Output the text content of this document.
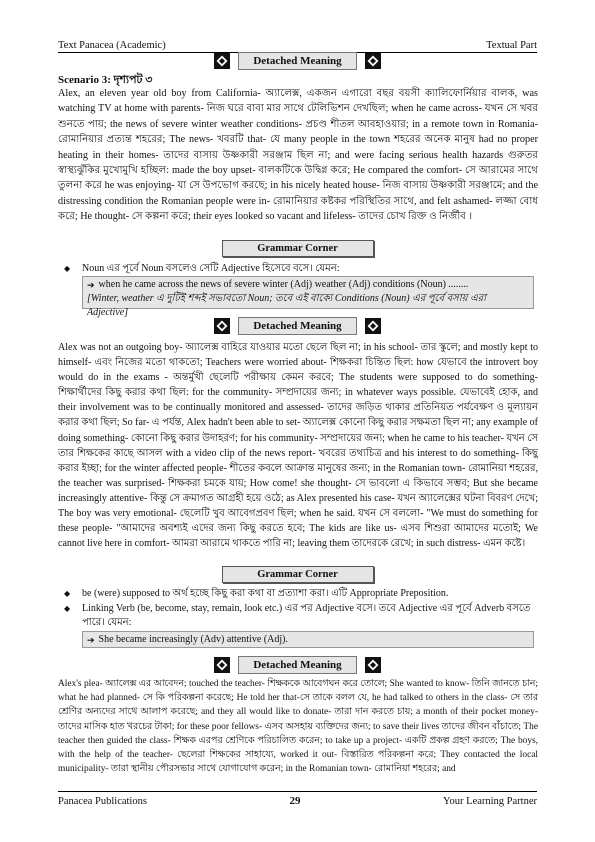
Text Panacea (Academic)	Textual Part
Detached Meaning
Scenario 3: দৃশ্যপট ৩
Alex, an eleven year old boy from California- অ্যালেক্স, একজন এগারো বছর বয়সী ক্যালিফোর্নিয়ার বালক, was watching TV at home with parents- নিজ ঘরে বাবা মার সাথে টেলিভিশন দেখছিল; when he came across- যখন সে খবর শুনতে পায়; the news of severe winter weather conditions- প্রচণ্ড শীতল আবহাওয়ার; in a remote town in Romania- রোমানিয়ার প্রত্যন্ত শহরের; The news- খবরটি that- যে many people in the town শহরের অনেক মানুষ had no proper heating in their homes- তাদের বাসায় উষ্ণকারী সরঞ্জাম ছিল না; and were facing serious health hazards গুরুতর স্বাস্থ্যঝুঁকির মুখোমুখি হচ্ছিল: made the boy upset- বালকটিকে উদ্বিগ্ন করে; He compared the comfort- সে আরামের সাথে তুলনা করে he was enjoying- যা সে উপভোগ করছে; in his nicely heated house- নিজ বাসায় উষ্ণকারী সরঞ্জামে; and the distressing condition the Romanian people were in- রোমানিয়ার কষ্টকর পরিস্থিতির সাথে, and felt ashamed- লজ্জা বোধ করে; He thought- সে কল্পনা করে; their eyes looked so vacant and lifeless- তাদের চোখ রিক্ত ও নির্জীব ।
Grammar Corner
◆ Noun এর পূর্বে Noun বসলেও সেটি Adjective হিসেবে বসে। যেমন:
➔ when he came across the news of severe winter (Adj) weather (Adj) conditions (Noun) ........
[Winter, weather এ দুটিই শব্দই সভাবতো Noun; তবে এই বাক্যে Conditions (Noun) এর পূর্বে বসায় এরা Adjective]
Detached Meaning
Alex was not an outgoing boy- অ্যালেক্স বাহিরে যাওয়ার মতো ছেলে ছিল না; in his school- তার স্কুলে; and mostly kept to himself- এবং নিজের মতো থাকতো; Teachers were worried about- শিক্ষকরা চিন্তিত ছিল: how যেভাবে the introvert boy would do in the exams - অন্তর্মুখী ছেলেটি পরীক্ষায় কেমন করবে; The students were supposed to do something- শিক্ষার্থীদের কিছু করার কথা ছিল: for the community- সম্প্রদায়ের জন্য; in whatever ways possible. যেভাবেই হোক, and their involvement was to be continually monitored and assessed- তাদের জড়িত থাকার প্রতিনিয়ত পর্যবেক্ষণ ও মূল্যায়ন করার কথা ছিল; So far- এ পর্যন্ত, Alex hadn't been able to set- অ্যালেক্স কোনো কিছু করার সক্ষমতা ছিল না; any example of doing something- কোনো কিছু করার উদাহরণ; for his community- সম্প্রদায়ের জন্য; when he came to his teacher- যখন সে তার শিক্ষকের কাছে আসল with a video clip of the news report- খবরের তথ্যচিত্র and his interest to do something- কিছু করার ইচ্ছা; for the winter affected people- শীতের কবলে আক্রান্ত মানুষের জন্য; in the Romanian town- রোমানিয়া শহরের, the teacher was surprised- শিক্ষকরা চমকে যায়; How come! she thought- সে ভাবলো এ কিভাবে সম্ভব; But she became increasingly attentive- কিন্তু সে ক্রমাগত আগ্রহী হয়ে ওঠে; as Alex presented his case- যখন অ্যালেক্সের ঘটনা বিবরণ দেখে; The boy was very emotional- ছেলেটি খুব আবেগপ্রবণ ছিল; when he said. যখন সে বললো- "We must do something for these people- "আমাদের অবশ্যই এদের জন্য কিছু করতে হবে; The kids are like us- এসব শিশুরা আমাদের মতোই; We cannot live here in comfort- আমরা আরামে থাকতে পারি না; leaving them তাদেরকে রেখে; in such distress- এমন কষ্টে।
Grammar Corner
◆ be (were) supposed to অর্থ হচ্ছে কিছু করা কথা বা প্রত্যাশা করা। এটি Appropriate Preposition.
◆ Linking Verb (be, become, stay, remain, look etc.) এর পর Adjective বসে। তবে Adjective এর পূর্বে Adverb বসতে পারে। যেমন:
➔ She became increasingly (Adv) attentive (Adj).
Detached Meaning
Alex's plea- অ্যালেক্স এর আবেদন; touched the teacher- শিক্ষককে আবেগঘন করে তোলে; She wanted to know- তিনি জানতে চান; what he had planned- সে কি পরিকল্পনা করেছে; He told her that-সে তাকে বলল যে, he had talked to others in the class- সে তার শ্রেণির অন্যদের সাথে আলাপ করেছে; and they all would like to donate- তারা দান করতে চায়; a month of their pocket money- তাদের মাসিক হাত খরচের টাকা; for these poor fellows- এসব অসহায় ব্যক্তিদের জন্য; to save their lives তাদের জীবন বাঁচাতে; The teacher then guided the class- শিক্ষক এরপর শ্রেণিকে পরিচালিত করেন; to take up a project- একটি প্রকল্প গ্রহণ করতে; The boys, with the help of the teacher- ছেলেরা শিক্ষকের সাহায্যে, worked it out- বিস্তারিত পরিকল্পনা করে; They contacted the local municipality- তারা স্থানীয় পৌরসভার সাথে যোগাযোগ করেন; in the Romanian town- রোমানিয়া শহরের; and
Panacea Publications	29	Your Learning Partner
